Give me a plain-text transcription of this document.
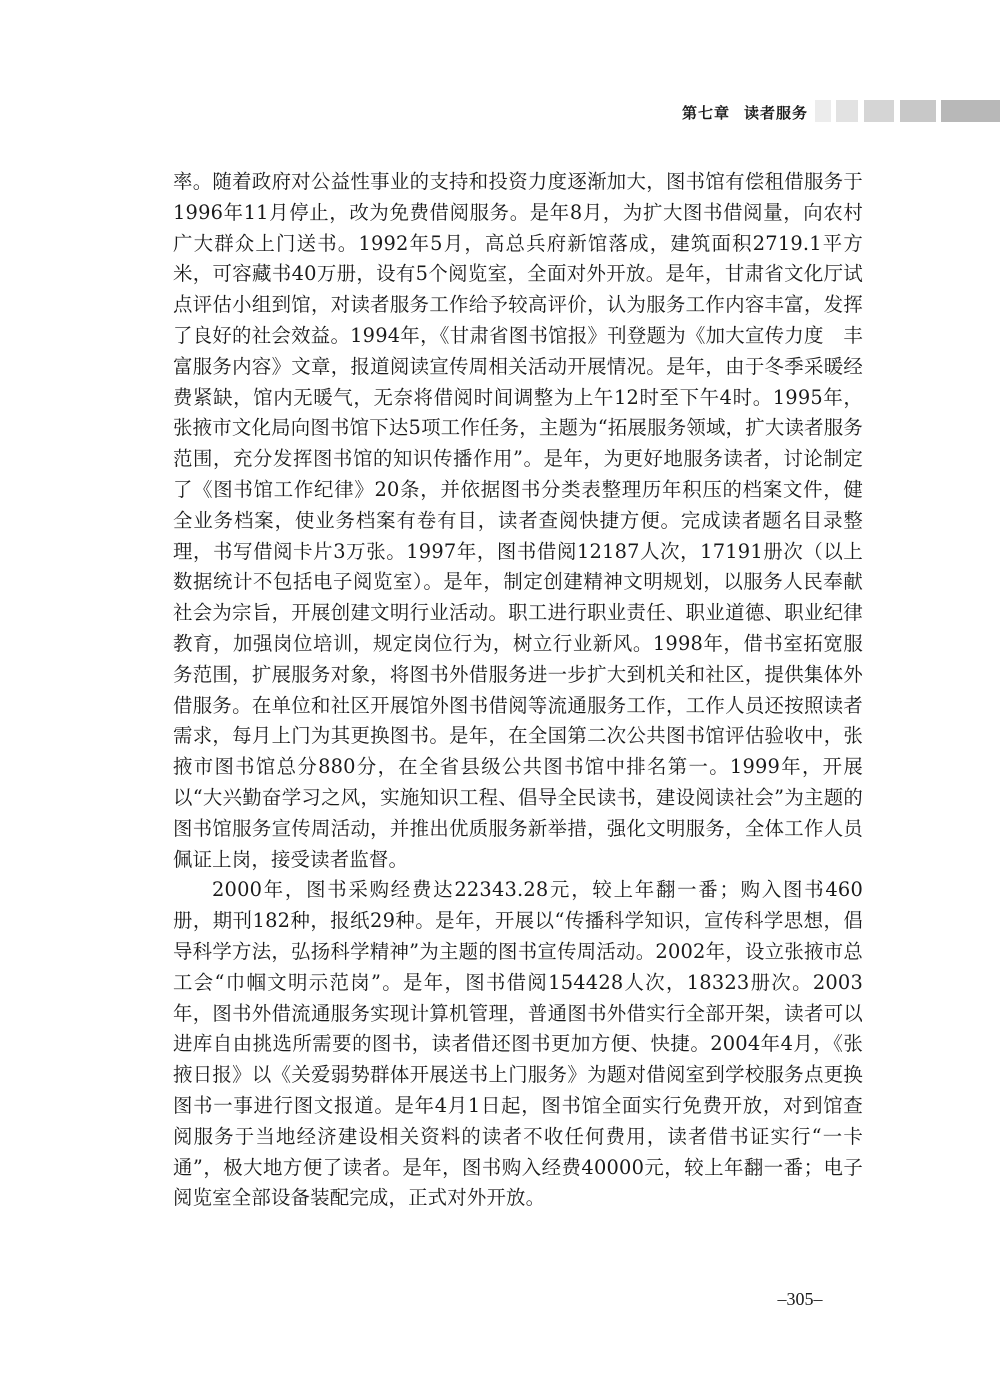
第七章 读者服务

率。随着政府对公益性事业的支持和投资力度逐渐加大，图书馆有偿租借服务于1996年11月停止，改为免费借阅服务。是年8月，为扩大图书借阅量，向农村广大群众上门送书。1992年5月，高总兵府新馆落成，建筑面积2719.1平方米，可容藏书40万册，设有5个阅览室，全面对外开放。是年，甘肃省文化厅试点评估小组到馆，对读者服务工作给予较高评价，认为服务工作内容丰富，发挥了良好的社会效益。1994年，《甘肃省图书馆报》刊登题为《加大宣传力度　丰富服务内容》文章，报道阅读宣传周相关活动开展情况。是年，由于冬季采暖经费紧缺，馆内无暖气，无奈将借阅时间调整为上午12时至下午4时。1995年，张掖市文化局向图书馆下达5项工作任务，主题为“拓展服务领域，扩大读者服务范围，充分发挥图书馆的知识传播作用”。是年，为更好地服务读者，讨论制定了《图书馆工作纪律》20条，并依据图书分类表整理历年积压的档案文件，健全业务档案，使业务档案有卷有目，读者查阅快捷方便。完成读者题名目录整理，书写借阅卡片3万张。1997年，图书借阅12187人次，17191册次（以上数据统计不包括电子阅览室）。是年，制定创建精神文明规划，以服务人民奉献社会为宗旨，开展创建文明行业活动。职工进行职业责任、职业道德、职业纪律教育，加强岗位培训，规定岗位行为，树立行业新风。1998年，借书室拓宽服务范围，扩展服务对象，将图书外借服务进一步扩大到机关和社区，提供集体外借服务。在单位和社区开展馆外图书借阅等流通服务工作，工作人员还按照读者需求，每月上门为其更换图书。是年，在全国第二次公共图书馆评估验收中，张掖市图书馆总分880分，在全省县级公共图书馆中排名第一。1999年，开展以“大兴勤奋学习之风，实施知识工程、倡导全民读书，建设阅读社会”为主题的图书馆服务宣传周活动，并推出优质服务新举措，强化文明服务，全体工作人员佩证上岗，接受读者监督。

2000年，图书采购经费达22343.28元，较上年翻一番；购入图书460册，期刊182种，报纸29种。是年，开展以“传播科学知识，宣传科学思想，倡导科学方法，弘扬科学精神”为主题的图书宣传周活动。2002年，设立张掖市总工会“巾帼文明示范岗”。是年，图书借阅154428人次，18323册次。2003年，图书外借流通服务实现计算机管理，普通图书外借实行全部开架，读者可以进库自由挑选所需要的图书，读者借还图书更加方便、快捷。2004年4月，《张掖日报》以《关爱弱势群体开展送书上门服务》为题对借阅室到学校服务点更换图书一事进行图文报道。是年4月1日起，图书馆全面实行免费开放，对到馆查阅服务于当地经济建设相关资料的读者不收任何费用，读者借书证实行“一卡通”，极大地方便了读者。是年，图书购入经费40000元，较上年翻一番；电子阅览室全部设备装配完成，正式对外开放。

–305–
